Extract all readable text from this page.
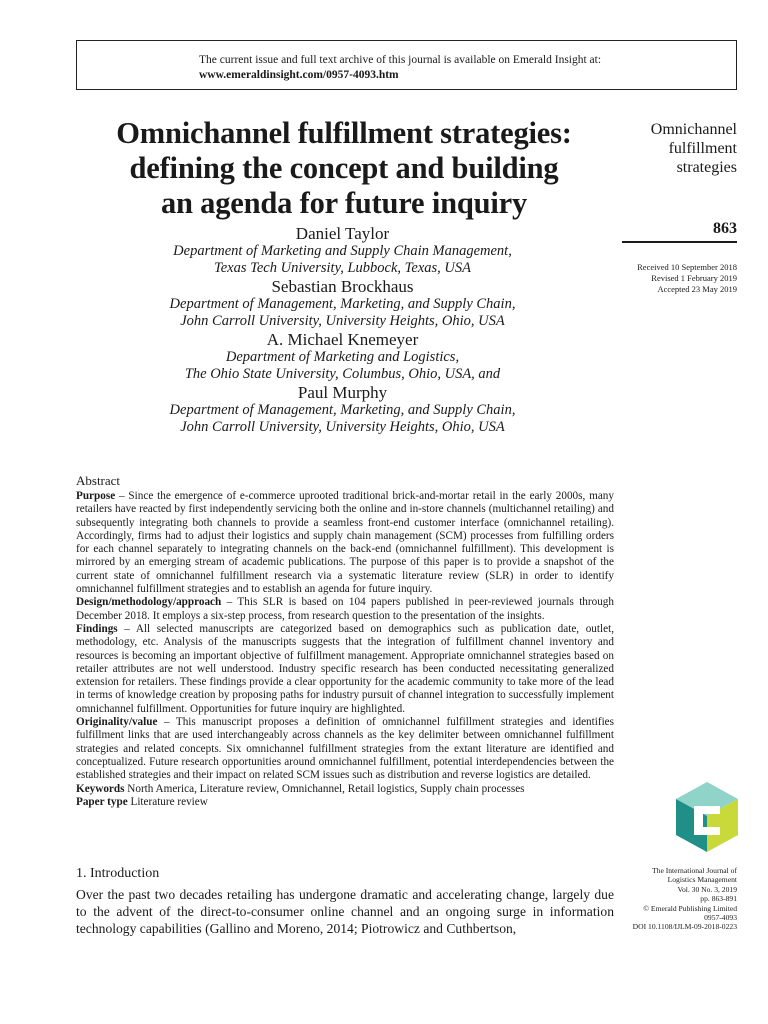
The current issue and full text archive of this journal is available on Emerald Insight at:
www.emeraldinsight.com/0957-4093.htm
Omnichannel fulfillment strategies:
defining the concept and building
an agenda for future inquiry
Daniel Taylor
Department of Marketing and Supply Chain Management,
Texas Tech University, Lubbock, Texas, USA
Sebastian Brockhaus
Department of Management, Marketing, and Supply Chain,
John Carroll University, University Heights, Ohio, USA
A. Michael Knemeyer
Department of Marketing and Logistics,
The Ohio State University, Columbus, Ohio, USA, and
Paul Murphy
Department of Management, Marketing, and Supply Chain,
John Carroll University, University Heights, Ohio, USA
Omnichannel
fulfillment
strategies
863
Received 10 September 2018
Revised 1 February 2019
Accepted 23 May 2019
Abstract

Purpose – Since the emergence of e-commerce uprooted traditional brick-and-mortar retail in the early 2000s, many retailers have reacted by first independently servicing both the online and in-store channels (multichannel retailing) and subsequently integrating both channels to provide a seamless front-end customer interface (omnichannel retailing). Accordingly, firms had to adjust their logistics and supply chain management (SCM) processes from fulfilling orders for each channel separately to integrating channels on the back-end (omnichannel fulfillment). This development is mirrored by an emerging stream of academic publications. The purpose of this paper is to provide a snapshot of the current state of omnichannel fulfillment research via a systematic literature review (SLR) in order to identify omnichannel fulfillment strategies and to establish an agenda for future inquiry.

Design/methodology/approach – This SLR is based on 104 papers published in peer-reviewed journals through December 2018. It employs a six-step process, from research question to the presentation of the insights.

Findings – All selected manuscripts are categorized based on demographics such as publication date, outlet, methodology, etc. Analysis of the manuscripts suggests that the integration of fulfillment channel inventory and resources is becoming an important objective of fulfillment management. Appropriate omnichannel strategies based on retailer attributes are not well understood. Industry specific research has been conducted necessitating generalized extension for retailers. These findings provide a clear opportunity for the academic community to take more of the lead in terms of knowledge creation by proposing paths for industry pursuit of channel integration to successfully implement omnichannel fulfillment. Opportunities for future inquiry are highlighted.

Originality/value – This manuscript proposes a definition of omnichannel fulfillment strategies and identifies fulfillment links that are used interchangeably across channels as the key delimiter between omnichannel fulfillment strategies and related concepts. Six omnichannel fulfillment strategies from the extant literature are identified and conceptualized. Future research opportunities around omnichannel fulfillment, potential interdependencies between the established strategies and their impact on related SCM issues such as distribution and reverse logistics are detailed.

Keywords North America, Literature review, Omnichannel, Retail logistics, Supply chain processes

Paper type Literature review

1. Introduction

Over the past two decades retailing has undergone dramatic and accelerating change, largely due to the advent of the direct-to-consumer online channel and an ongoing surge in information technology capabilities (Gallino and Moreno, 2014; Piotrowicz and Cuthbertson,

The International Journal of
Logistics Management
Vol. 30 No. 3, 2019
pp. 863-891
© Emerald Publishing Limited
0957-4093
DOI 10.1108/IJLM-09-2018-0223
